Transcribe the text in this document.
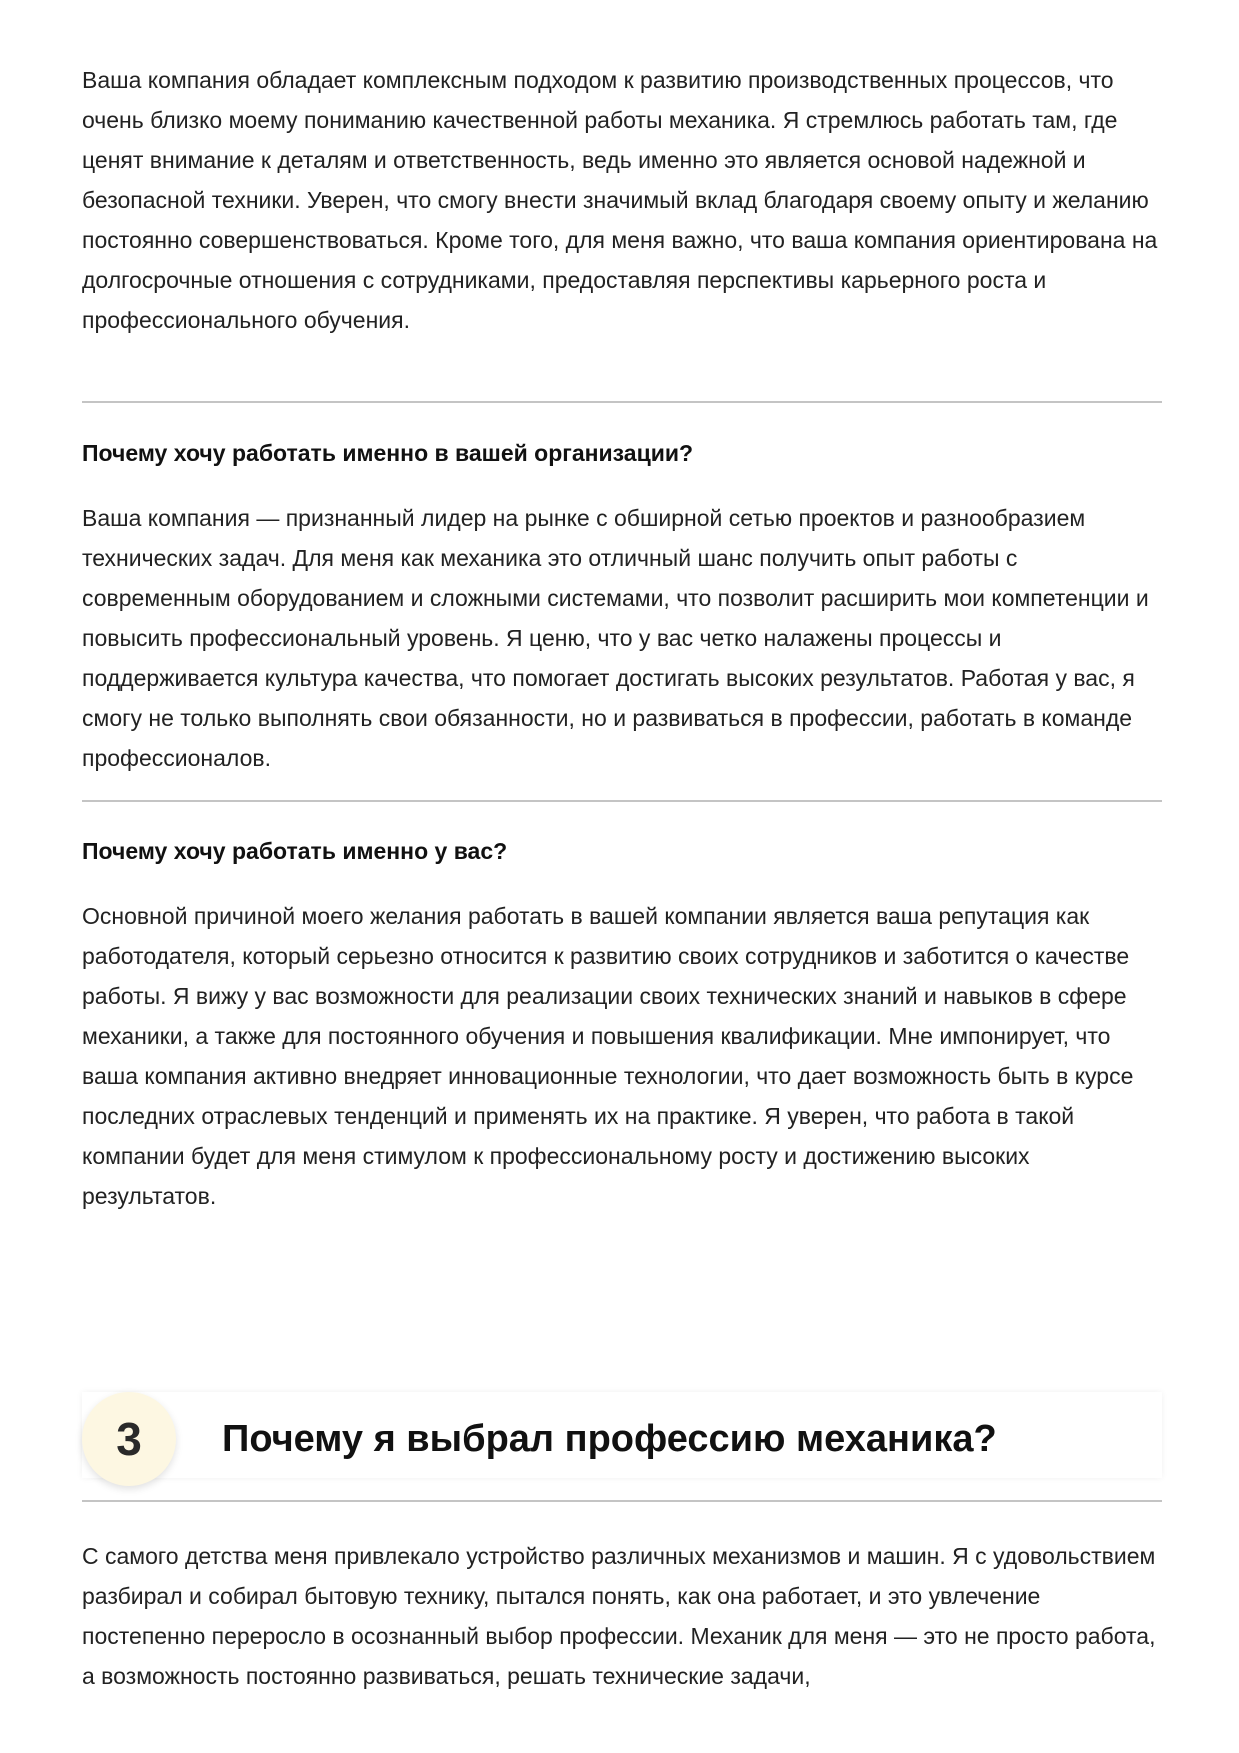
Ваша компания обладает комплексным подходом к развитию производственных процессов, что очень близко моему пониманию качественной работы механика. Я стремлюсь работать там, где ценят внимание к деталям и ответственность, ведь именно это является основой надежной и безопасной техники. Уверен, что смогу внести значимый вклад благодаря своему опыту и желанию постоянно совершенствоваться. Кроме того, для меня важно, что ваша компания ориентирована на долгосрочные отношения с сотрудниками, предоставляя перспективы карьерного роста и профессионального обучения.

Почему хочу работать именно в вашей организации?

Ваша компания — признанный лидер на рынке с обширной сетью проектов и разнообразием технических задач. Для меня как механика это отличный шанс получить опыт работы с современным оборудованием и сложными системами, что позволит расширить мои компетенции и повысить профессиональный уровень. Я ценю, что у вас четко налажены процессы и поддерживается культура качества, что помогает достигать высоких результатов. Работая у вас, я смогу не только выполнять свои обязанности, но и развиваться в профессии, работать в команде профессионалов.

Почему хочу работать именно у вас?

Основной причиной моего желания работать в вашей компании является ваша репутация как работодателя, который серьезно относится к развитию своих сотрудников и заботится о качестве работы. Я вижу у вас возможности для реализации своих технических знаний и навыков в сфере механики, а также для постоянного обучения и повышения квалификации. Мне импонирует, что ваша компания активно внедряет инновационные технологии, что дает возможность быть в курсе последних отраслевых тенденций и применять их на практике. Я уверен, что работа в такой компании будет для меня стимулом к профессиональному росту и достижению высоких результатов.

3	Почему я выбрал профессию механика?

С самого детства меня привлекало устройство различных механизмов и машин. Я с удовольствием разбирал и собирал бытовую технику, пытался понять, как она работает, и это увлечение постепенно переросло в осознанный выбор профессии. Механик для меня — это не просто работа, а возможность постоянно развиваться, решать технические задачи,
